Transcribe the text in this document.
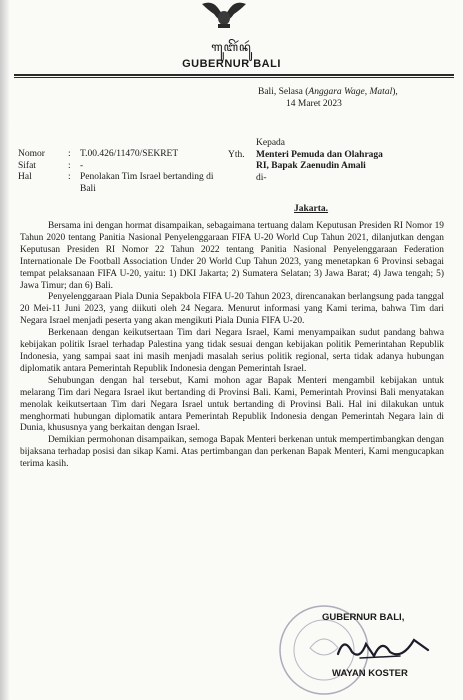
ꦒꦸꦧꦼꦂꦤꦸꦂ
GUBERNUR BALI
Bali, Selasa (Anggara Wage, Matal),
14 Maret 2023
Nomor	:	T.00.426/11470/SEKRET
Sifat	:	-
Hal	:	Penolakan Tim Israel bertanding di Bali
Kepada
Yth. Menteri Pemuda dan Olahraga
RI, Bapak Zaenudin Amali
di-
Jakarta.

Bersama ini dengan hormat disampaikan, sebagaimana tertuang dalam Keputusan Presiden RI Nomor 19 Tahun 2020 tentang Panitia Nasional Penyelenggaraan FIFA U-20 World Cup Tahun 2021, dilanjutkan dengan Keputusan Presiden RI Nomor 22 Tahun 2022 tentang Panitia Nasional Penyelenggaraan Federation Internationale De Football Association Under 20 World Cup Tahun 2023, yang menetapkan 6 Provinsi sebagai tempat pelaksanaan FIFA U-20, yaitu: 1) DKI Jakarta; 2) Sumatera Selatan; 3) Jawa Barat; 4) Jawa tengah; 5) Jawa Timur; dan 6) Bali.

Penyelenggaraan Piala Dunia Sepakbola FIFA U-20 Tahun 2023, direncanakan berlangsung pada tanggal 20 Mei-11 Juni 2023, yang diikuti oleh 24 Negara. Menurut informasi yang Kami terima, bahwa Tim dari Negara Israel menjadi peserta yang akan mengikuti Piala Dunia FIFA U-20.

Berkenaan dengan keikutsertaan Tim dari Negara Israel, Kami menyampaikan sudut pandang bahwa kebijakan politik Israel terhadap Palestina yang tidak sesuai dengan kebijakan politik Pemerintahan Republik Indonesia, yang sampai saat ini masih menjadi masalah serius politik regional, serta tidak adanya hubungan diplomatik antara Pemerintah Republik Indonesia dengan Pemerintah Israel.

Sehubungan dengan hal tersebut, Kami mohon agar Bapak Menteri mengambil kebijakan untuk melarang Tim dari Negara Israel ikut bertanding di Provinsi Bali. Kami, Pemerintah Provinsi Bali menyatakan menolak keikutsertaan Tim dari Negara Israel untuk bertanding di Provinsi Bali. Hal ini dilakukan untuk menghormati hubungan diplomatik antara Pemerintah Republik Indonesia dengan Pemerintah Negara lain di Dunia, khususnya yang berkaitan dengan Israel.

Demikian permohonan disampaikan, semoga Bapak Menteri berkenan untuk mempertimbangkan dengan bijaksana terhadap posisi dan sikap Kami. Atas pertimbangan dan perkenan Bapak Menteri, Kami mengucapkan terima kasih.

GUBERNUR BALI,
WAYAN KOSTER
